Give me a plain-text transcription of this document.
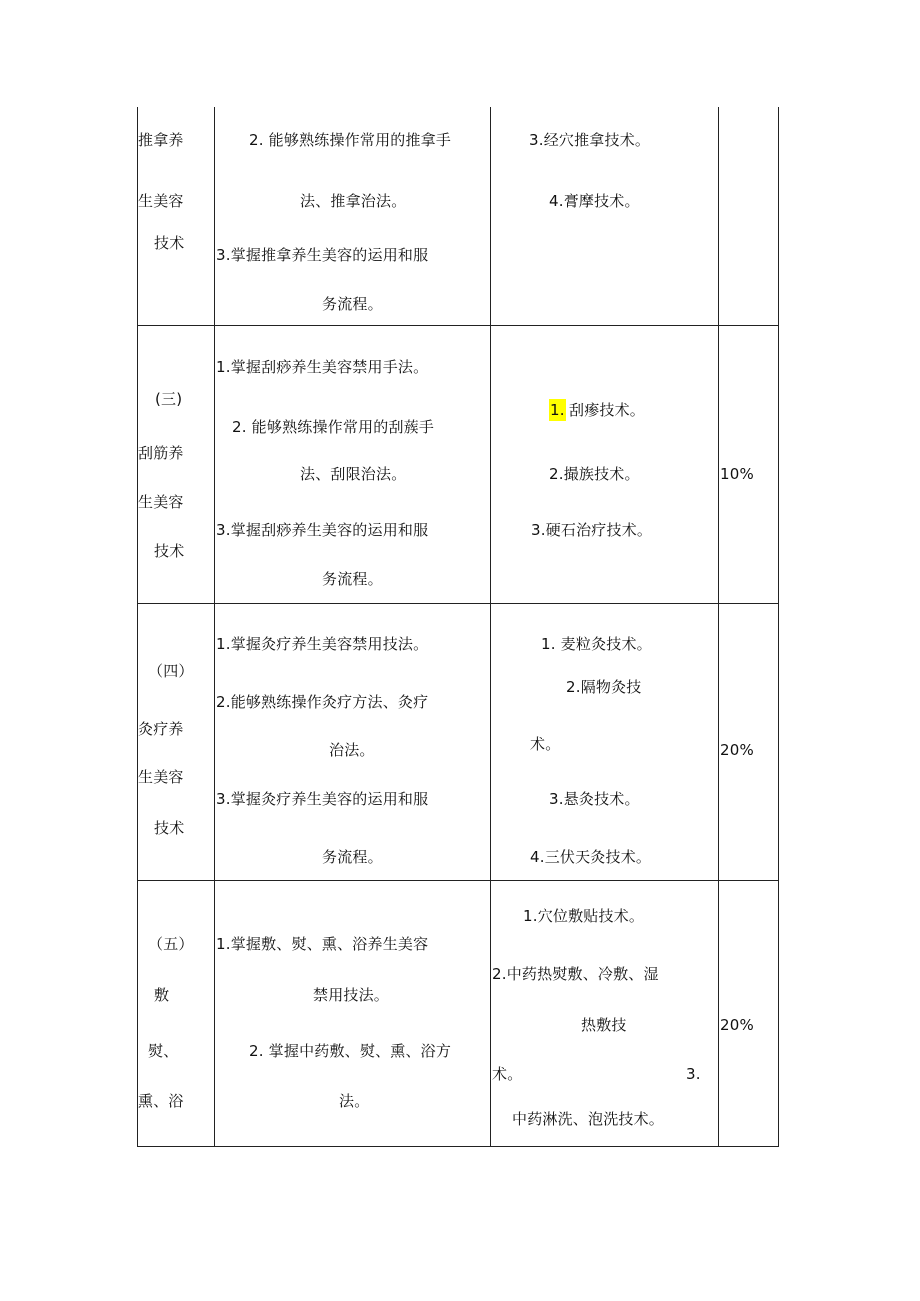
推拿养
生美容
技术
2. 能够熟练操作常用的推拿手
法、推拿治法。
3.掌握推拿养生美容的运用和服
务流程。
3.经穴推拿技术。
4.膏摩技术。
(三)
刮筋养
生美容
技术
1.掌握刮痧养生美容禁用手法。
2. 能够熟练操作常用的刮蔟手
法、刮限治法。
3.掌握刮痧养生美容的运用和服
务流程。
1. 刮瘆技术。
2.撮族技术。
3.硬石治疗技术。
10%
（四）
灸疗养
生美容
技术
1.掌握灸疗养生美容禁用技法。
2.能够熟练操作灸疗方法、灸疗
治法。
3.掌握灸疗养生美容的运用和服
务流程。
1. 麦粒灸技术。
2.隔物灸技
术。
3.悬灸技术。
4.三伏天灸技术。
20%
（五）
敷
熨、
熏、浴
1.掌握敷、熨、熏、浴养生美容
禁用技法。
2. 掌握中药敷、熨、熏、浴方
法。
1.穴位敷贴技术。
2.中药热熨敷、冷敷、湿
热敷技
术。	3.
中药淋洗、泡洗技术。
20%
